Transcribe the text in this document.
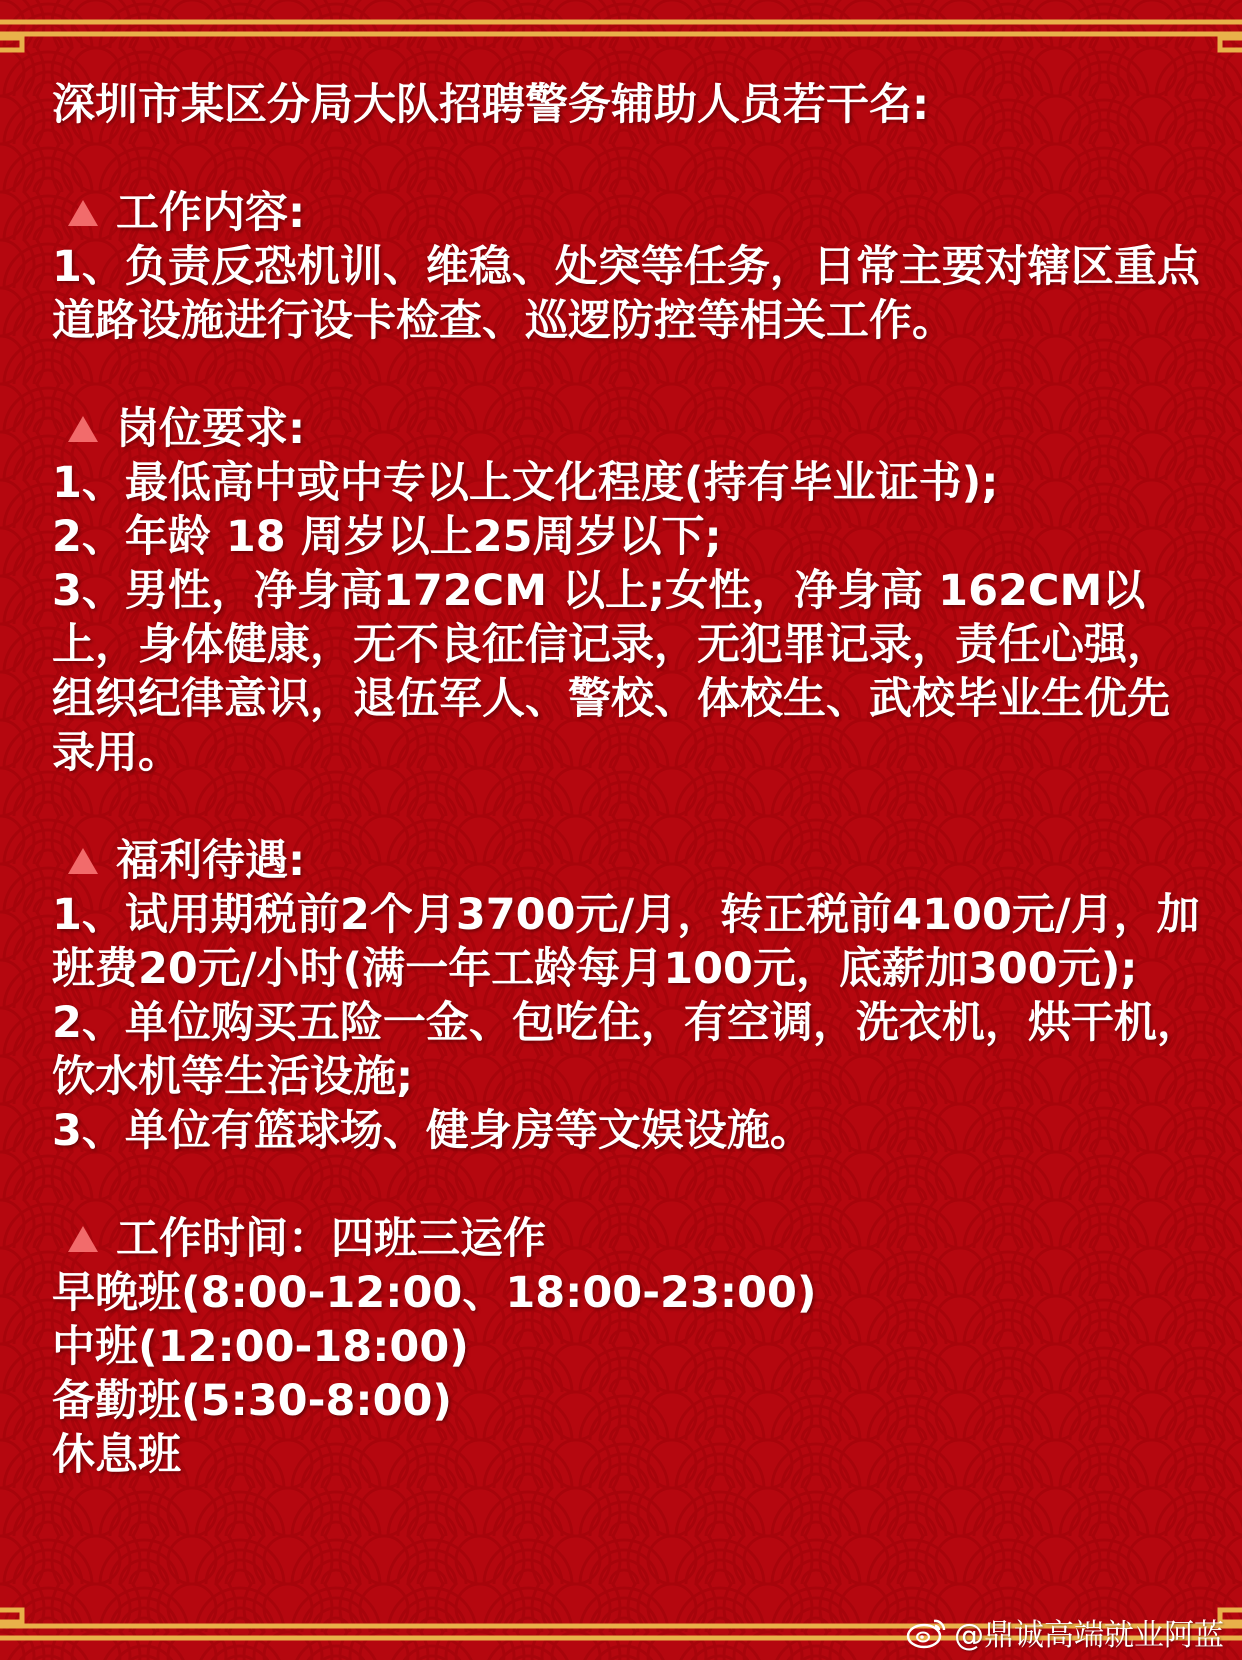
深圳市某区分局大队招聘警务辅助人员若干名:
工作内容:
1、负责反恐机训、维稳、处突等任务，日常主要对辖区重点道路设施进行设卡检查、巡逻防控等相关工作。
岗位要求:
1、最低高中或中专以上文化程度(持有毕业证书);
2、年龄 18 周岁以上25周岁以下;
3、男性，净身高172CM 以上;女性，净身高 162CM以上，身体健康，无不良征信记录，无犯罪记录，责任心强，组织纪律意识，退伍军人、警校、体校生、武校毕业生优先录用。
福利待遇:
1、试用期税前2个月3700元/月，转正税前4100元/月，加班费20元/小时(满一年工龄每月100元，底薪加300元);
2、单位购买五险一金、包吃住，有空调，洗衣机，烘干机，饮水机等生活设施;
3、单位有篮球场、健身房等文娱设施。
工作时间：四班三运作
早晚班(8:00-12:00、18:00-23:00)
中班(12:00-18:00)
备勤班(5:30-8:00)
休息班
@鼎诚高端就业阿蓝
